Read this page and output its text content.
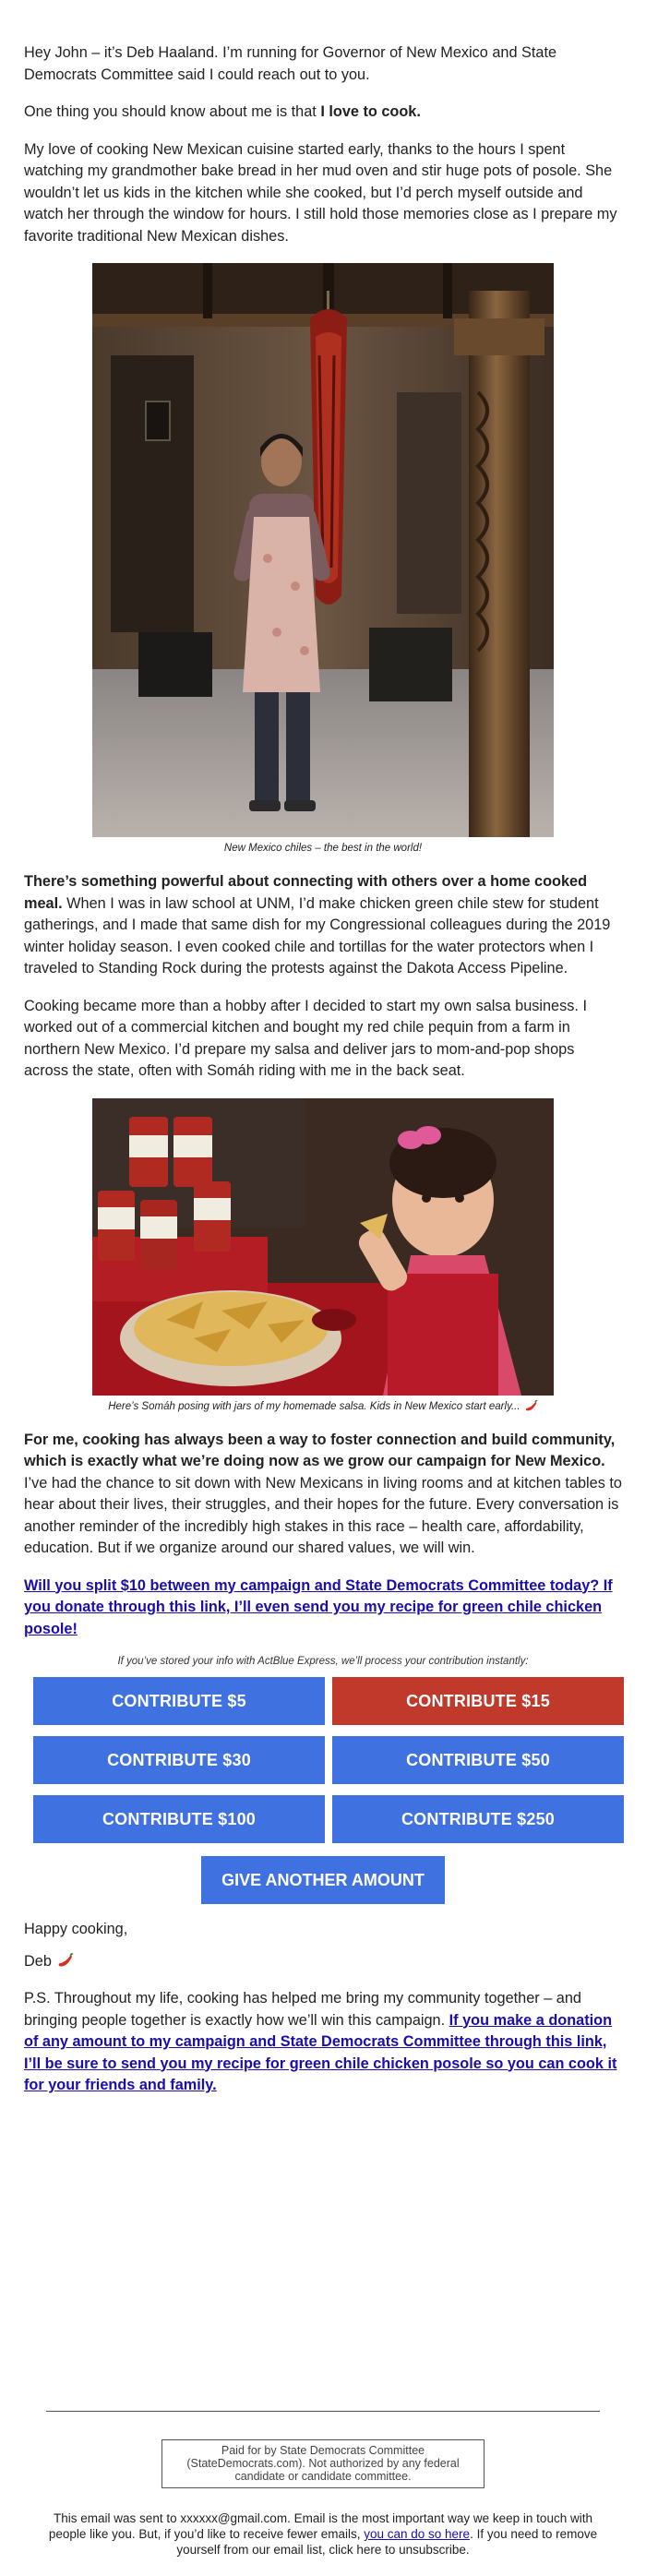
Hey John – it’s Deb Haaland. I’m running for Governor of New Mexico and State Democrats Committee said I could reach out to you.

One thing you should know about me is that I love to cook.

My love of cooking New Mexican cuisine started early, thanks to the hours I spent watching my grandmother bake bread in her mud oven and stir huge pots of posole. She wouldn’t let us kids in the kitchen while she cooked, but I’d perch myself outside and watch her through the window for hours. I still hold those memories close as I prepare my favorite traditional New Mexican dishes.

New Mexico chiles – the best in the world!

There’s something powerful about connecting with others over a home cooked meal. When I was in law school at UNM, I’d make chicken green chile stew for student gatherings, and I made that same dish for my Congressional colleagues during the 2019 winter holiday season. I even cooked chile and tortillas for the water protectors when I traveled to Standing Rock during the protests against the Dakota Access Pipeline.

Cooking became more than a hobby after I decided to start my own salsa business. I worked out of a commercial kitchen and bought my red chile pequin from a farm in northern New Mexico. I’d prepare my salsa and deliver jars to mom-and-pop shops across the state, often with Somáh riding with me in the back seat.

Here’s Somáh posing with jars of my homemade salsa. Kids in New Mexico start early...

For me, cooking has always been a way to foster connection and build community, which is exactly what we’re doing now as we grow our campaign for New Mexico. I’ve had the chance to sit down with New Mexicans in living rooms and at kitchen tables to hear about their lives, their struggles, and their hopes for the future. Every conversation is another reminder of the incredibly high stakes in this race – health care, affordability, education. But if we organize around our shared values, we will win.

Will you split $10 between my campaign and State Democrats Committee today? If you donate through this link, I’ll even send you my recipe for green chile chicken posole!

If you’ve stored your info with ActBlue Express, we’ll process your contribution instantly:

CONTRIBUTE $5	CONTRIBUTE $15
CONTRIBUTE $30	CONTRIBUTE $50
CONTRIBUTE $100	CONTRIBUTE $250
GIVE ANOTHER AMOUNT

Happy cooking,

Deb

P.S. Throughout my life, cooking has helped me bring my community together – and bringing people together is exactly how we’ll win this campaign. If you make a donation of any amount to my campaign and State Democrats Committee through this link, I’ll be sure to send you my recipe for green chile chicken posole so you can cook it for your friends and family.

Paid for by State Democrats Committee (StateDemocrats.com). Not authorized by any federal candidate or candidate committee.
This email was sent to xxxxxx@gmail.com. Email is the most important way we keep in touch with people like you. But, if you’d like to receive fewer emails, you can do so here. If you need to remove yourself from our email list, click here to unsubscribe.
